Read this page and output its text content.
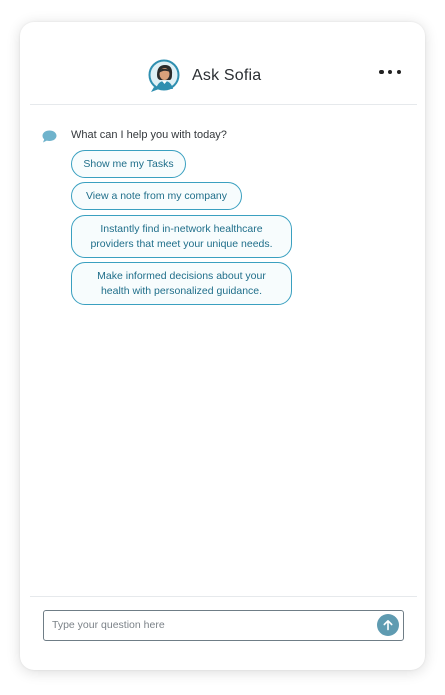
Ask Sofia
What can I help you with today?
Show me my Tasks
View a note from my company
Instantly find in-network healthcare providers that meet your unique needs.
Make informed decisions about your health with personalized guidance.
Type your question here
